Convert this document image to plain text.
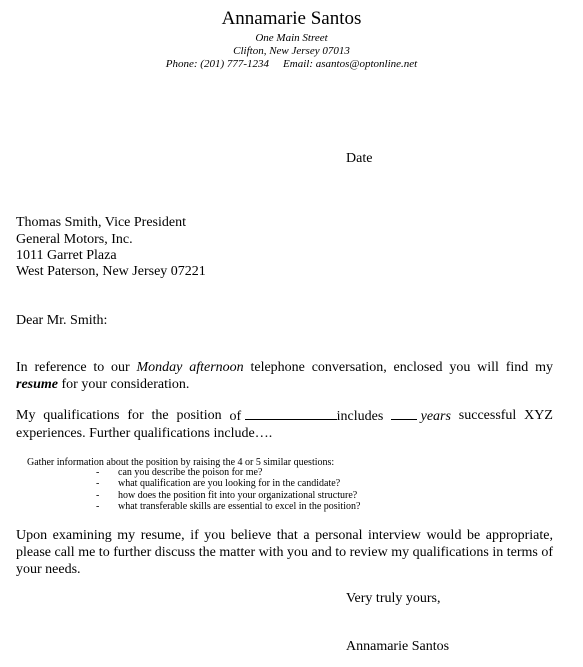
Annamarie Santos
One Main Street
Clifton, New Jersey 07013
Phone: (201) 777-1234 Email: asantos@optonline.net
Date
Thomas Smith, Vice President
General Motors, Inc.
1011 Garret Plaza
West Paterson, New Jersey 07221
Dear Mr. Smith:
In reference to our Monday afternoon telephone conversation, enclosed you will find my resume for your consideration.
My qualifications for the position of	includes	years successful XYZ
experiences. Further qualifications include….
Gather information about the position by raising the 4 or 5 similar questions:
-	can you describe the poison for me?
-	what qualification are you looking for in the candidate?
-	how does the position fit into your organizational structure?
-	what transferable skills are essential to excel in the position?
Upon examining my resume, if you believe that a personal interview would be appropriate, please call me to further discuss the matter with you and to review my qualifications in terms of your needs.
Very truly yours,
Annamarie Santos
